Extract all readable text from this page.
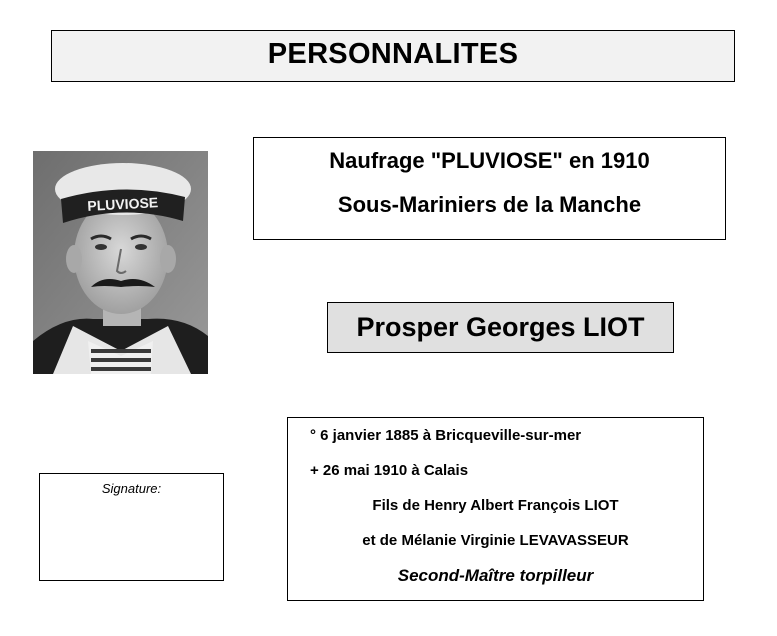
PERSONNALITES
PLUVIOSE
Naufrage "PLUVIOSE" en 1910
Sous-Mariniers de la Manche
Prosper Georges LIOT
° 6 janvier 1885 à Bricqueville-sur-mer
+ 26 mai 1910 à Calais
Fils de Henry Albert François LIOT
et de Mélanie Virginie LEVAVASSEUR
Second-Maître torpilleur
Signature:
